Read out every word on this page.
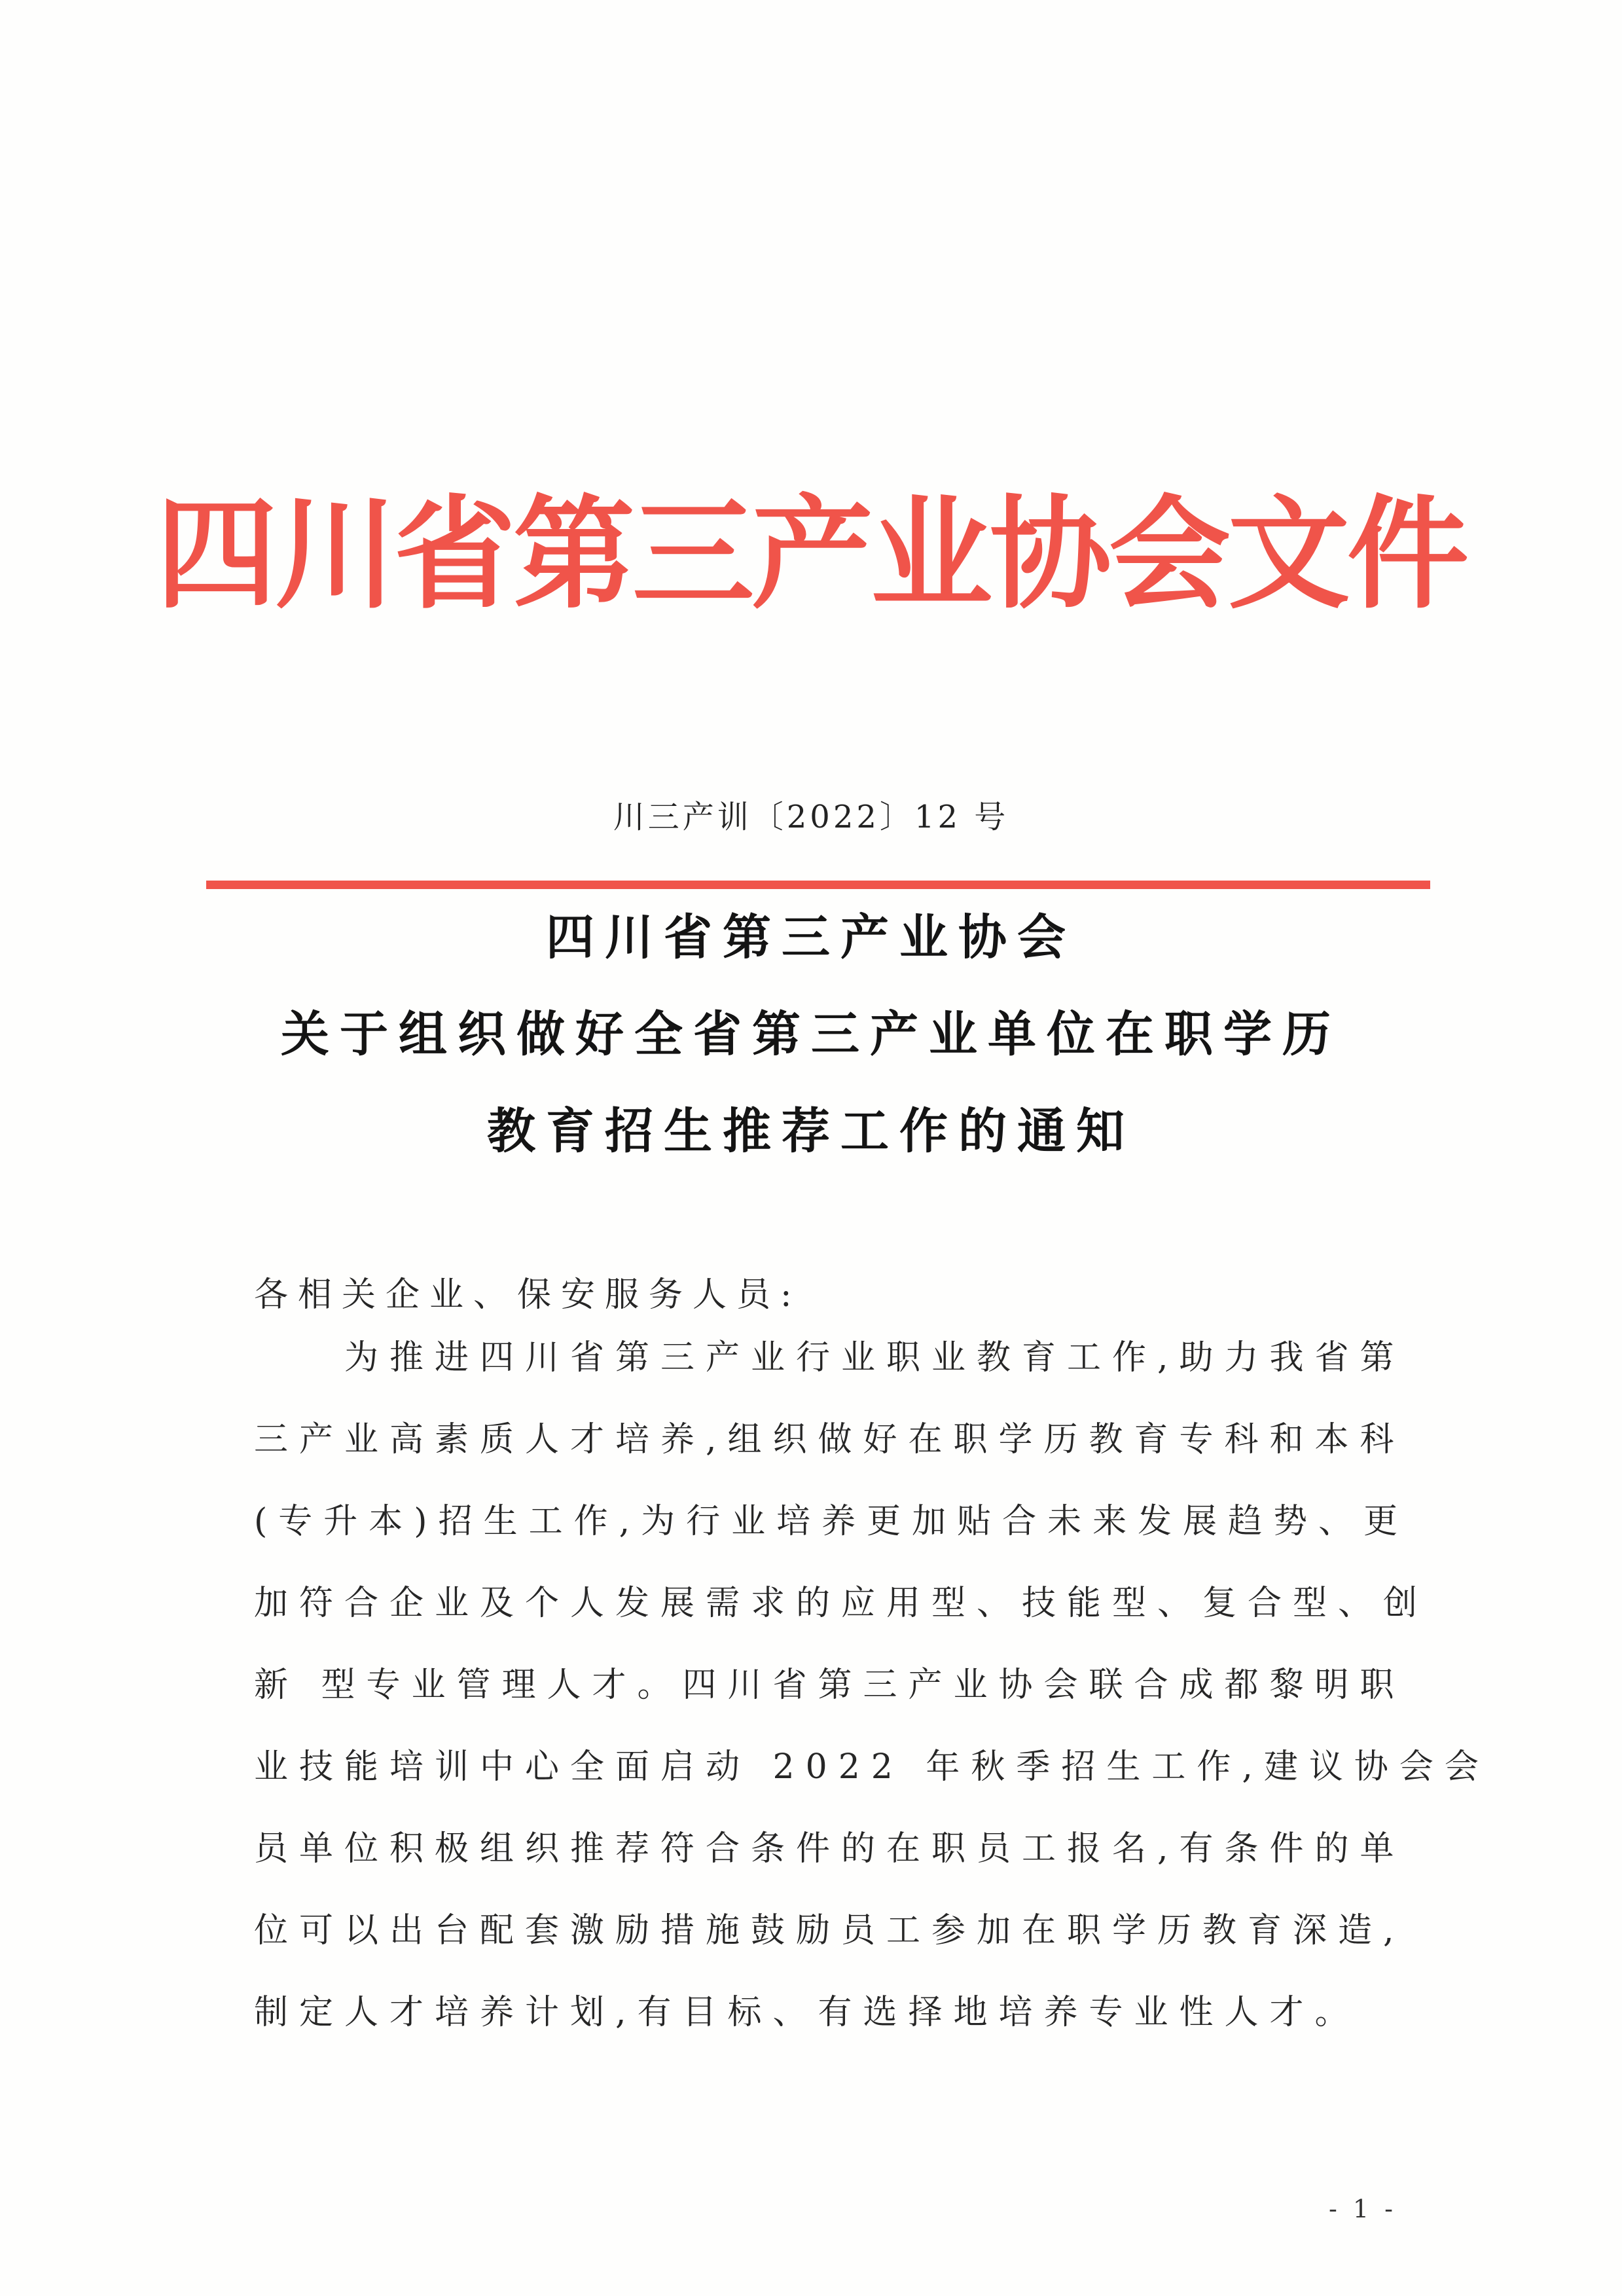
四川省第三产业协会文件
川三产训〔2022〕12 号
四川省第三产业协会
关于组织做好全省第三产业单位在职学历
教育招生推荐工作的通知
各相关企业、保安服务人员:
为推进四川省第三产业行业职业教育工作,助力我省第
三产业高素质人才培养,组织做好在职学历教育专科和本科
(专升本)招生工作,为行业培养更加贴合未来发展趋势、更
加符合企业及个人发展需求的应用型、技能型、复合型、创
新 型专业管理人才。四川省第三产业协会联合成都黎明职
业技能培训中心全面启动 2022 年秋季招生工作,建议协会会
员单位积极组织推荐符合条件的在职员工报名,有条件的单
位可以出台配套激励措施鼓励员工参加在职学历教育深造,
制定人才培养计划,有目标、有选择地培养专业性人才。
- 1 -
